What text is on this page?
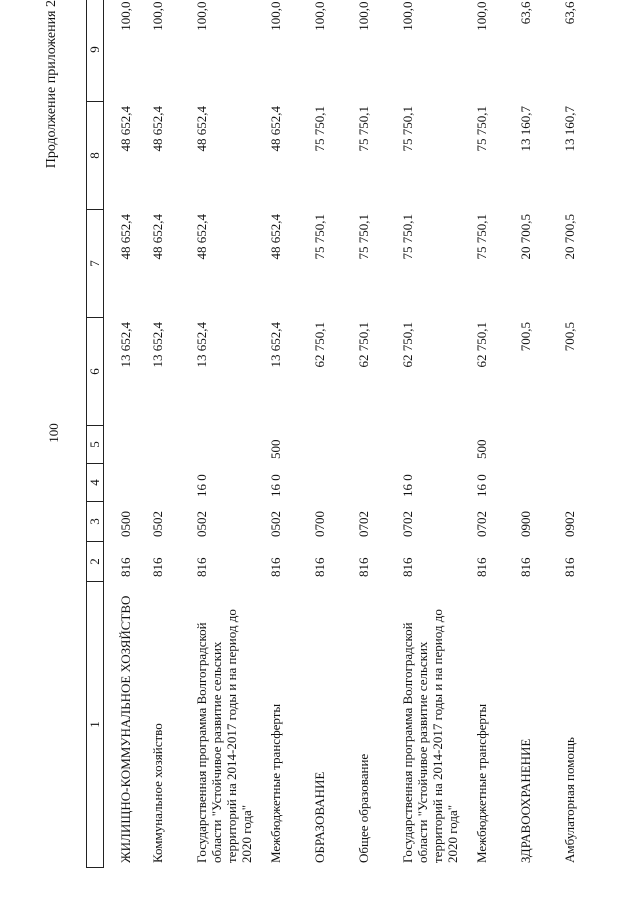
100
Продолжение приложения 2
1	2	3	4	5	6	7	8	9
ЖИЛИЩНО-КОММУНАЛЬНОЕ ХОЗЯЙСТВО	816	0500			13 652,4	48 652,4	48 652,4	100,0
Коммунальное хозяйство	816	0502			13 652,4	48 652,4	48 652,4	100,0
Государственная программа Волгоградской области "Устойчивое развитие сельских территорий на 2014-2017 годы и на период до 2020 года"	816	0502	16 0		13 652,4	48 652,4	48 652,4	100,0
Межбюджетные трансферты	816	0502	16 0	500	13 652,4	48 652,4	48 652,4	100,0
ОБРАЗОВАНИЕ	816	0700			62 750,1	75 750,1	75 750,1	100,0
Общее образование	816	0702			62 750,1	75 750,1	75 750,1	100,0
Государственная программа Волгоградской области "Устойчивое развитие сельских территорий на 2014-2017 годы и на период до 2020 года"	816	0702	16 0		62 750,1	75 750,1	75 750,1	100,0
Межбюджетные трансферты	816	0702	16 0	500	62 750,1	75 750,1	75 750,1	100,0
ЗДРАВООХРАНЕНИЕ	816	0900			700,5	20 700,5	13 160,7	63,6
Амбулаторная помощь	816	0902			700,5	20 700,5	13 160,7	63,6
